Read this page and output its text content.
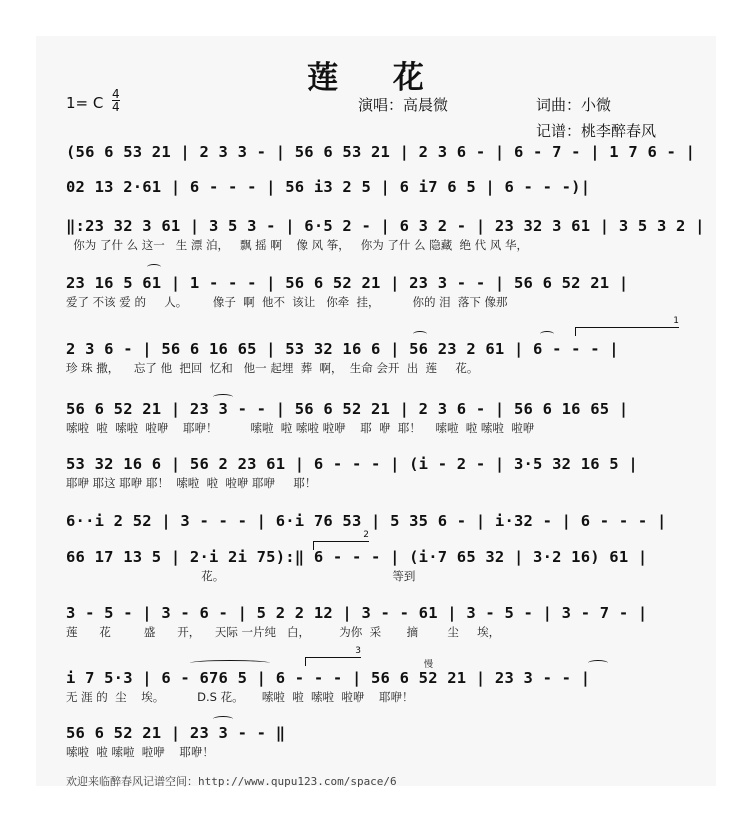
莲 花
1= C 4
4	演唱：高晨微	词曲：小微
记谱：桃李醉春风
(56 6 53 21 | 2 3 3 - | 56 6 53 21 | 2 3 6 - | 6 - 7 - | 1 7 6 - |
02 13 2·61 | 6 - - - | 56 i3 2 5 | 6 i7 6 5 | 6 - - -)|
‖:23 32 3 61 | 3 5 3 - | 6·5 2 - | 6 3 2 - | 23 32 3 61 | 3 5 3 2 |
你为 了什 么 这一   生 漂 泊，   飘 摇 啊    像 风 筝，   你为 了什 么 隐藏  绝 代 风 华，
23 16 5 61 | 1 - - - | 56 6 52 21 | 23 3 - - | 56 6 52 21 |
爱了 不该 爱 的     人。       像子  啊  他不  该让   你牵  挂，         你的 泪  落下 像那
2 3 6 - | 56 6 16 65 | 53 32 16 6 | 56 23 2 61 | 6 - - - |
珍 珠 撒，    忘了 他  把回  忆和   他一 起埋  葬  啊，  生命 会开  出  莲     花。
56 6 52 21 | 23 3 - - | 56 6 52 21 | 2 3 6 - | 56 6 16 65 |
嗦啦  啦  嗦啦  啦咿    耶咿！         嗦啦  啦 嗦啦 啦咿    耶  咿  耶！    嗦啦  啦 嗦啦  啦咿
53 32 16 6 | 56 2 23 61 | 6 - - - | (i - 2 - | 3·5 32 16 5 |
耶咿 耶这 耶咿 耶！  嗦啦  啦  啦咿 耶咿     耶！
6··i 2 52 | 3 - - - | 6·i 76 53 | 5 35 6 - | i·32 - | 6 - - - |
66 17 13 5 | 2·i 2i 75):‖ 6 - - - | (i·7 65 32 | 3·2 16) 61 |
花。                                              等到
3 - 5 - | 3 - 6 - | 5 2 2 12 | 3 - - 61 | 3 - 5 - | 3 - 7 - |
莲      花         盛      开，    天际 一片纯   白，        为你  采       摘        尘     埃，
i 7 5·3 | 6 - 676 5 | 6 - - - | 56 6 52 21 | 23 3 - - |
无 涯 的  尘    埃。         D.S 花。     嗦啦  啦  嗦啦  啦咿    耶咿！
56 6 52 21 | 23 3 - - ‖
嗦啦  啦 嗦啦  啦咿    耶咿！
1
2
3
慢
欢迎来临醉春风记谱空间：http://www.qupu123.com/space/6
